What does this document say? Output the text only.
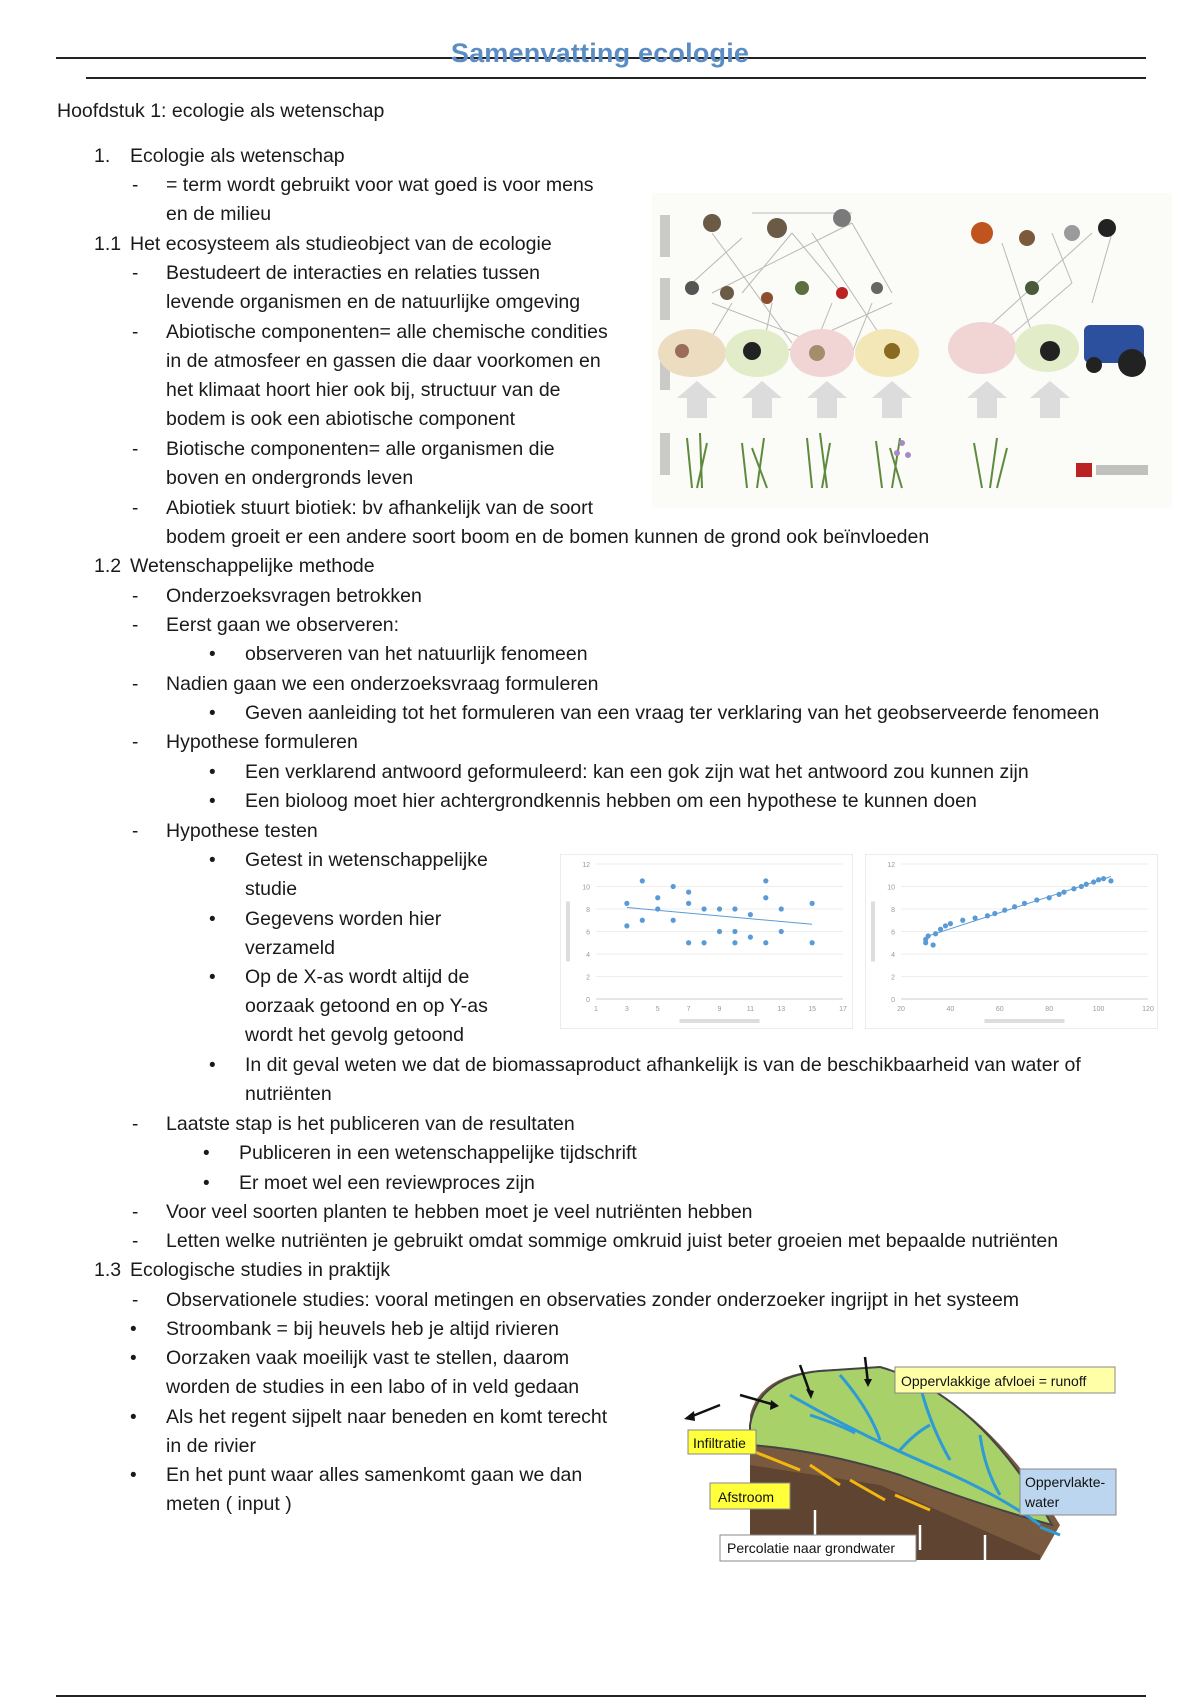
Samenvatting ecologie
Hoofdstuk 1: ecologie als wetenschap
1. Ecologie als wetenschap
- = term wordt gebruikt voor wat goed is voor mens
en de milieu
1.1 Het ecosysteem als studieobject van de ecologie
- Bestudeert de interacties en relaties tussen
levende organismen en de natuurlijke omgeving
- Abiotische componenten= alle chemische condities
in de atmosfeer en gassen die daar voorkomen en
het klimaat hoort hier ook bij, structuur van de
bodem is ook een abiotische component
- Biotische componenten= alle organismen die
boven en ondergronds leven
- Abiotiek stuurt biotiek: bv afhankelijk van de soort
bodem groeit er een andere soort boom en de bomen kunnen de grond ook beïnvloeden
1.2 Wetenschappelijke methode
- Onderzoeksvragen betrokken
- Eerst gaan we observeren:
• observeren van het natuurlijk fenomeen
- Nadien gaan we een onderzoeksvraag formuleren
• Geven aanleiding tot het formuleren van een vraag ter verklaring van het geobserveerde fenomeen
- Hypothese formuleren
• Een verklarend antwoord geformuleerd: kan een gok zijn wat het antwoord zou kunnen zijn
• Een bioloog moet hier achtergrondkennis hebben om een hypothese te kunnen doen
- Hypothese testen
• Getest in wetenschappelijke
studie
• Gegevens worden hier
verzameld
• Op de X-as wordt altijd de
oorzaak getoond en op Y-as
wordt het gevolg getoond
• In dit geval weten we dat de biomassaproduct afhankelijk is van de beschikbaarheid van water of
nutriënten
0
2
4
6
8
10
12
1	3	5	7	9	11	13	15	17
0
2
4
6
8
10
12
20	40	60	80	100	120
- Laatste stap is het publiceren van de resultaten
• Publiceren in een wetenschappelijke tijdschrift
• Er moet wel een reviewproces zijn
- Voor veel soorten planten te hebben moet je veel nutriënten hebben
- Letten welke nutriënten je gebruikt omdat sommige omkruid juist beter groeien met bepaalde nutriënten
1.3 Ecologische studies in praktijk
- Observationele studies: vooral metingen en observaties zonder onderzoeker ingrijpt in het systeem
• Stroombank = bij heuvels heb je altijd rivieren
• Oorzaken vaak moeilijk vast te stellen, daarom
worden de studies in een labo of in veld gedaan
• Als het regent sijpelt naar beneden en komt terecht
in de rivier
• En het punt waar alles samenkomt gaan we dan
meten ( input )
Oppervlakkige afvloei = runoff
Infiltratie
Afstroom
Oppervlakte-
water
Percolatie naar grondwater
